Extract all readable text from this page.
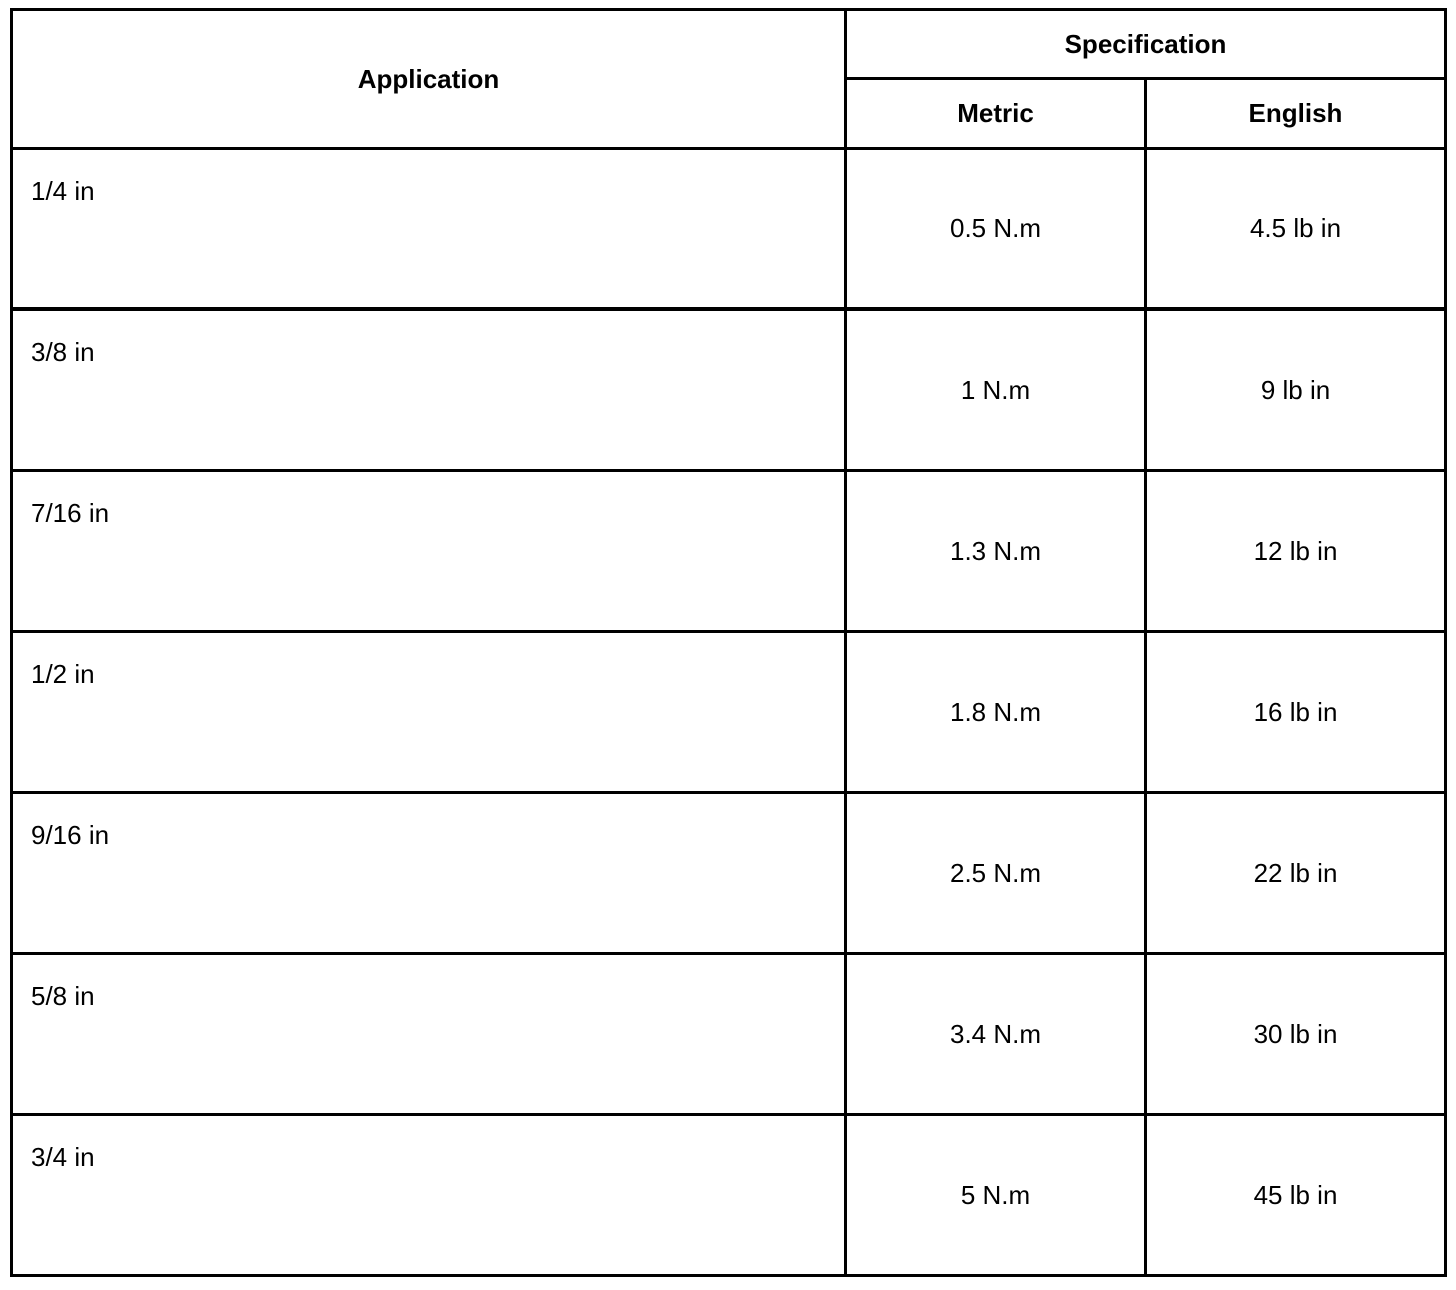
Application	Specification	
	Metric	English

1/4 in	0.5 N.m	4.5 lb in

3/8 in	1 N.m	9 lb in

7/16 in	1.3 N.m	12 lb in

1/2 in	1.8 N.m	16 lb in

9/16 in	2.5 N.m	22 lb in

5/8 in	3.4 N.m	30 lb in

3/4 in	5 N.m	45 lb in
